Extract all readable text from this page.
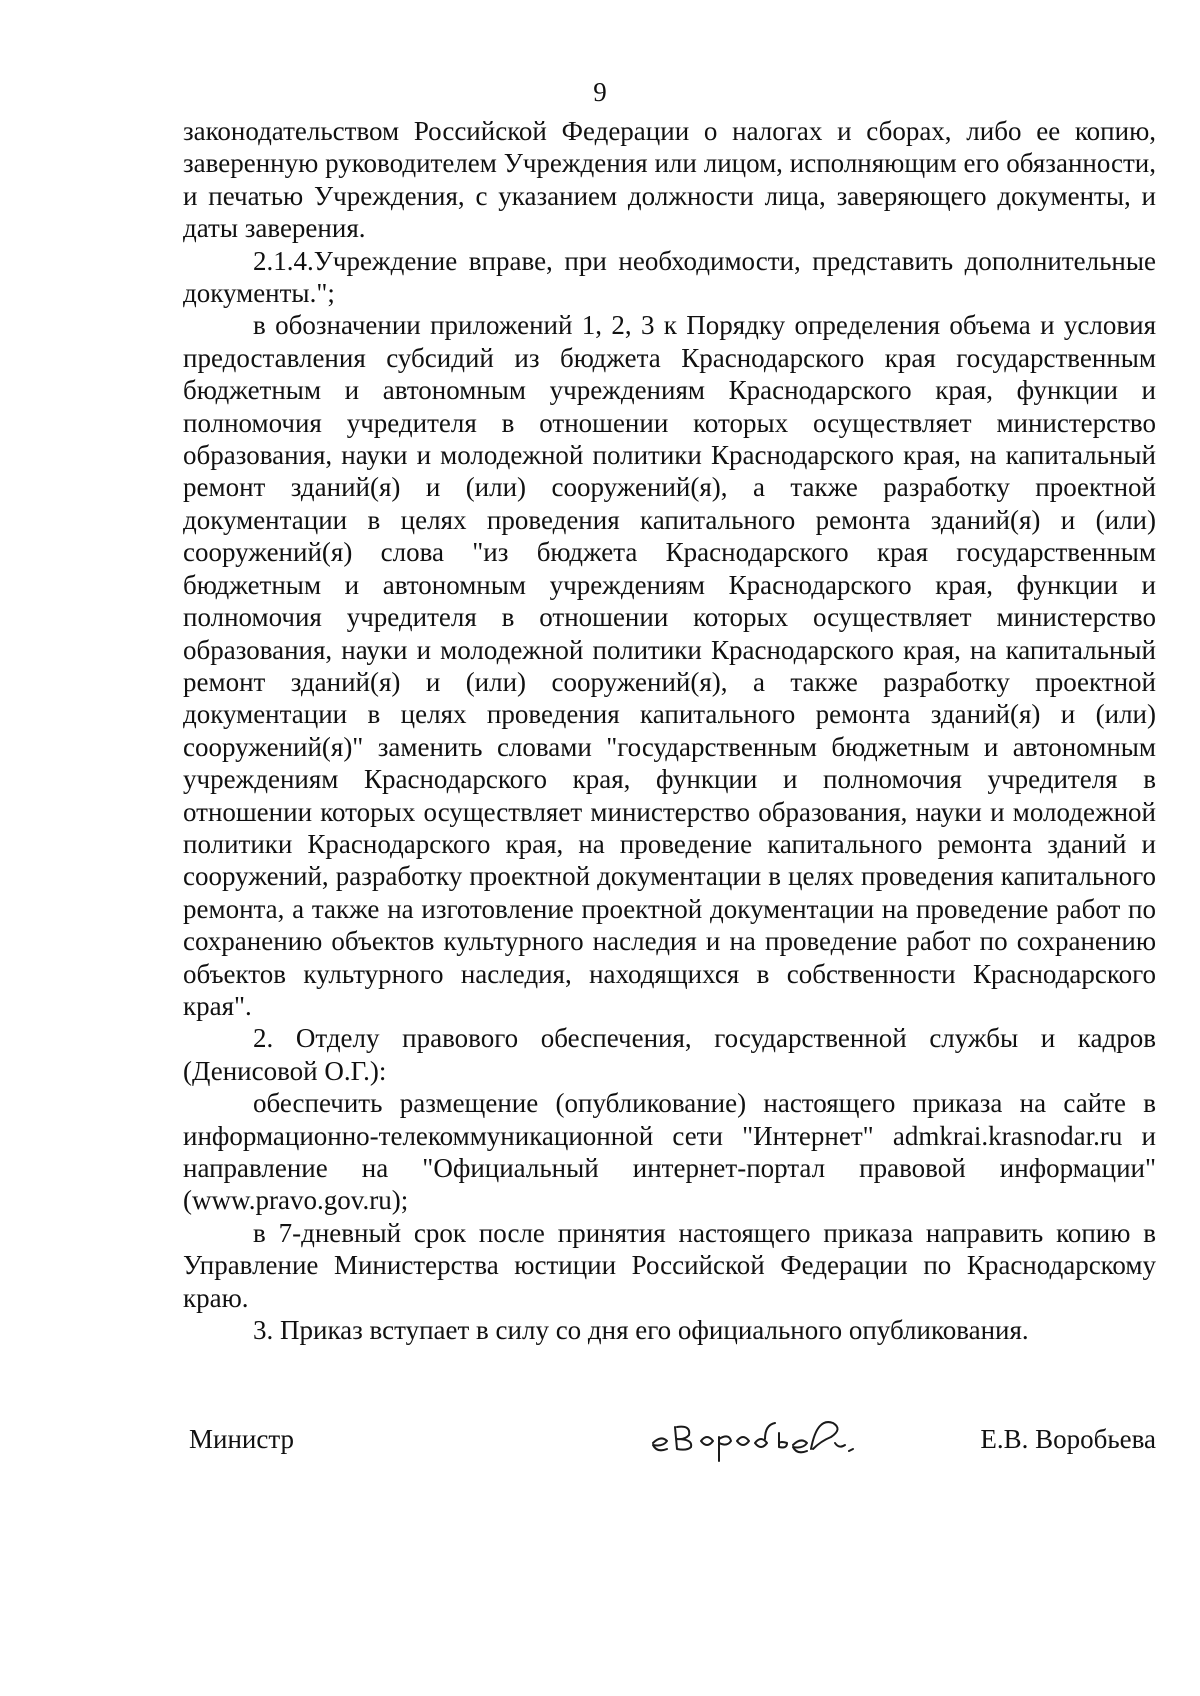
9

законодательством Российской Федерации о налогах и сборах, либо ее копию, заверенную руководителем Учреждения или лицом, исполняющим его обязанности, и печатью Учреждения, с указанием должности лица, заверяющего документы, и даты заверения.

2.1.4.Учреждение вправе, при необходимости, представить дополнительные документы.";

в обозначении приложений 1, 2, 3 к Порядку определения объема и условия предоставления субсидий из бюджета Краснодарского края государственным бюджетным и автономным учреждениям Краснодарского края, функции и полномочия учредителя в отношении которых осуществляет министерство образования, науки и молодежной политики Краснодарского края, на капитальный ремонт зданий(я) и (или) сооружений(я), а также разработку проектной документации в целях проведения капитального ремонта зданий(я) и (или) сооружений(я) слова "из бюджета Краснодарского края государственным бюджетным и автономным учреждениям Краснодарского края, функции и полномочия учредителя в отношении которых осуществляет министерство образования, науки и молодежной политики Краснодарского края, на капитальный ремонт зданий(я) и (или) сооружений(я), а также разработку проектной документации в целях проведения капитального ремонта зданий(я) и (или) сооружений(я)" заменить словами "государственным бюджетным и автономным учреждениям Краснодарского края, функции и полномочия учредителя в отношении которых осуществляет министерство образования, науки и молодежной политики Краснодарского края, на проведение капитального ремонта зданий и сооружений, разработку проектной документации в целях проведения капитального ремонта, а также на изготовление проектной документации на проведение работ по сохранению объектов культурного наследия и на проведение работ по сохранению объектов культурного наследия, находящихся в собственности Краснодарского края".

2. Отделу правового обеспечения, государственной службы и кадров (Денисовой О.Г.):

обеспечить размещение (опубликование) настоящего приказа на сайте в информационно-телекоммуникационной сети "Интернет" admkrai.krasnodar.ru и направление на "Официальный интернет-портал правовой информации" (www.pravo.gov.ru);

в 7-дневный срок после принятия настоящего приказа направить копию в Управление Министерства юстиции Российской Федерации по Краснодарскому краю.

3. Приказ вступает в силу со дня его официального опубликования.

Министр	Е.В. Воробьева
